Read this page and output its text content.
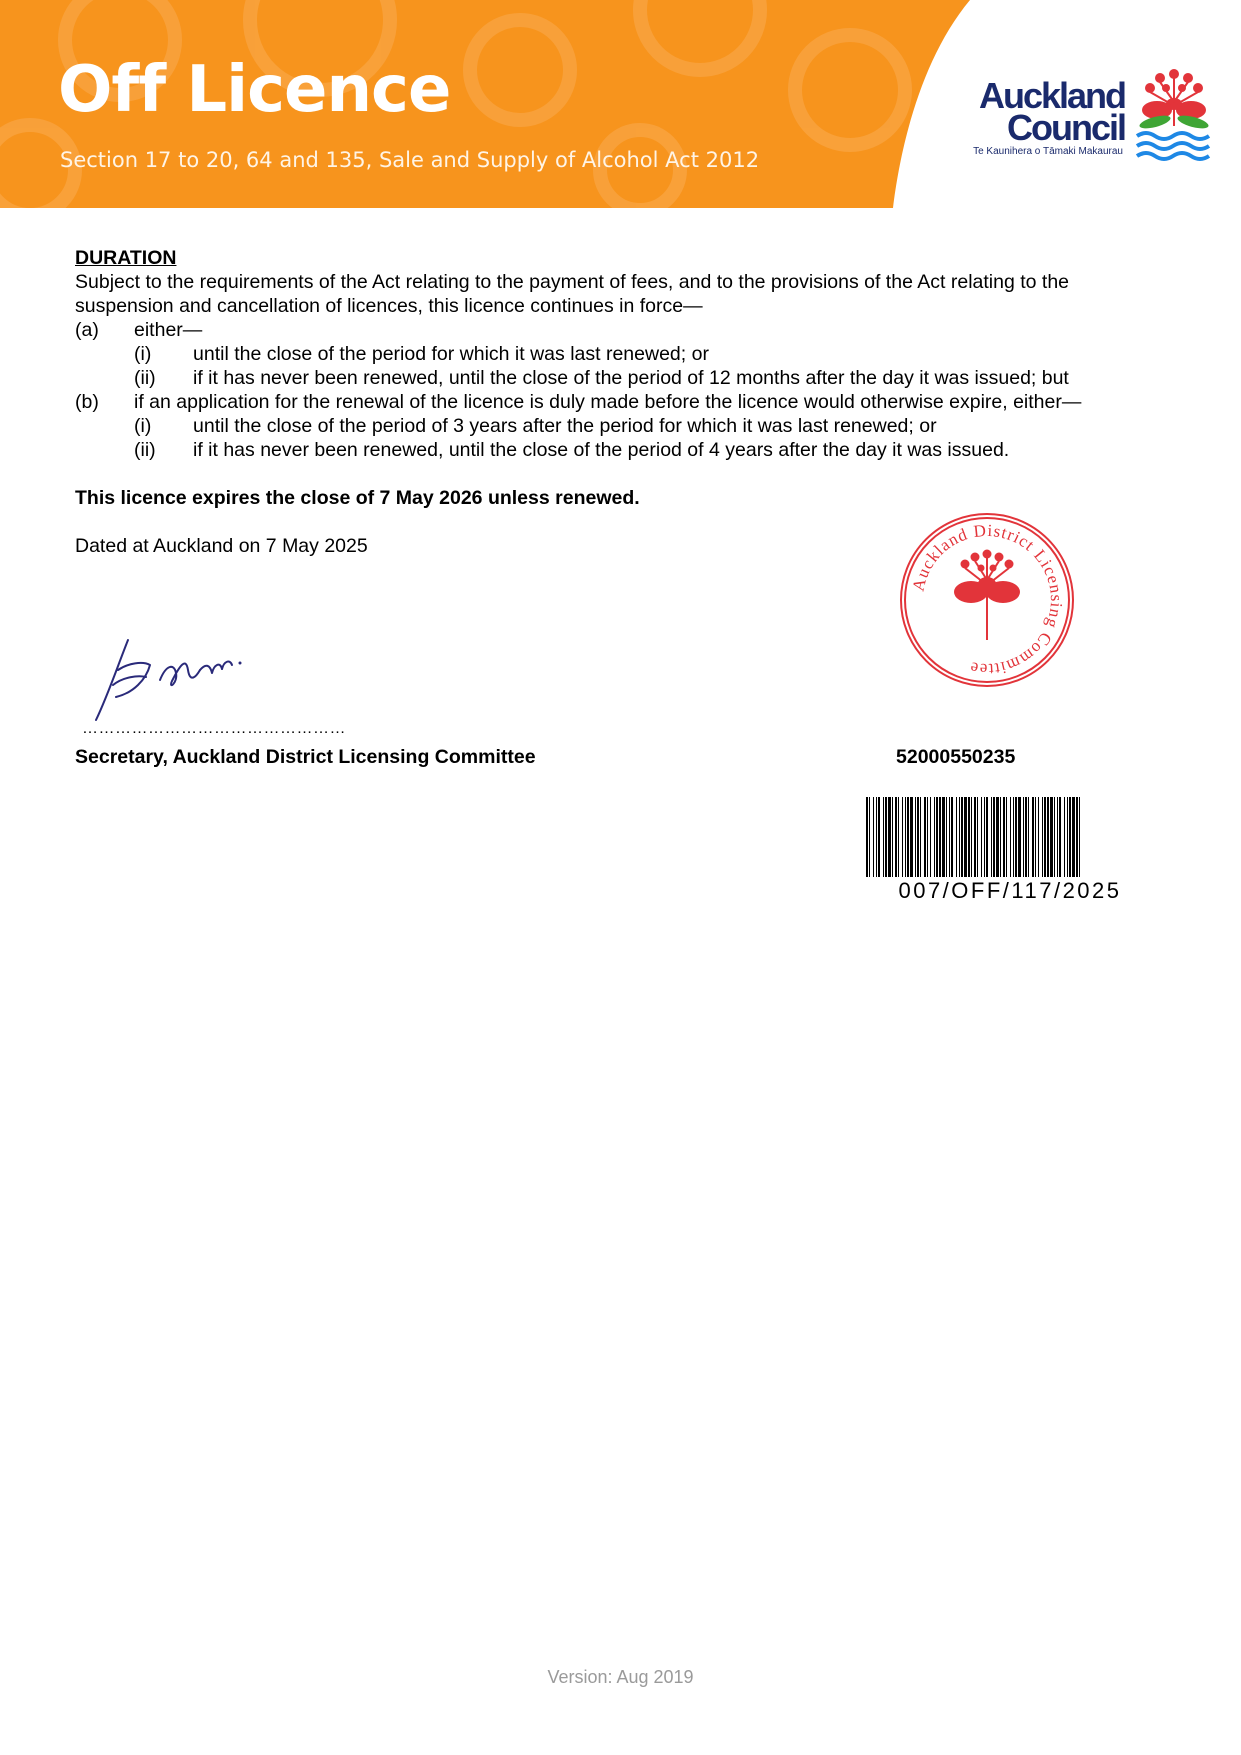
Off Licence
Section 17 to 20, 64 and 135, Sale and Supply of Alcohol Act 2012
Auckland
Council
Te Kaunihera o Tāmaki Makaurau
DURATION
Subject to the requirements of the Act relating to the payment of fees, and to the provisions of the Act relating to the
suspension and cancellation of licences, this licence continues in force—
(a) either—
(i) until the close of the period for which it was last renewed; or
(ii) if it has never been renewed, until the close of the period of 12 months after the day it was issued; but
(b) if an application for the renewal of the licence is duly made before the licence would otherwise expire, either—
(i) until the close of the period of 3 years after the period for which it was last renewed; or
(ii) if it has never been renewed, until the close of the period of 4 years after the day it was issued.
This licence expires the close of 7 May 2026 unless renewed.
Dated at Auckland on 7 May 2025
…………………………………………
Secretary, Auckland District Licensing Committee
Auckland District Licensing Committee
52000550235
007/OFF/117/2025
Version: Aug 2019
